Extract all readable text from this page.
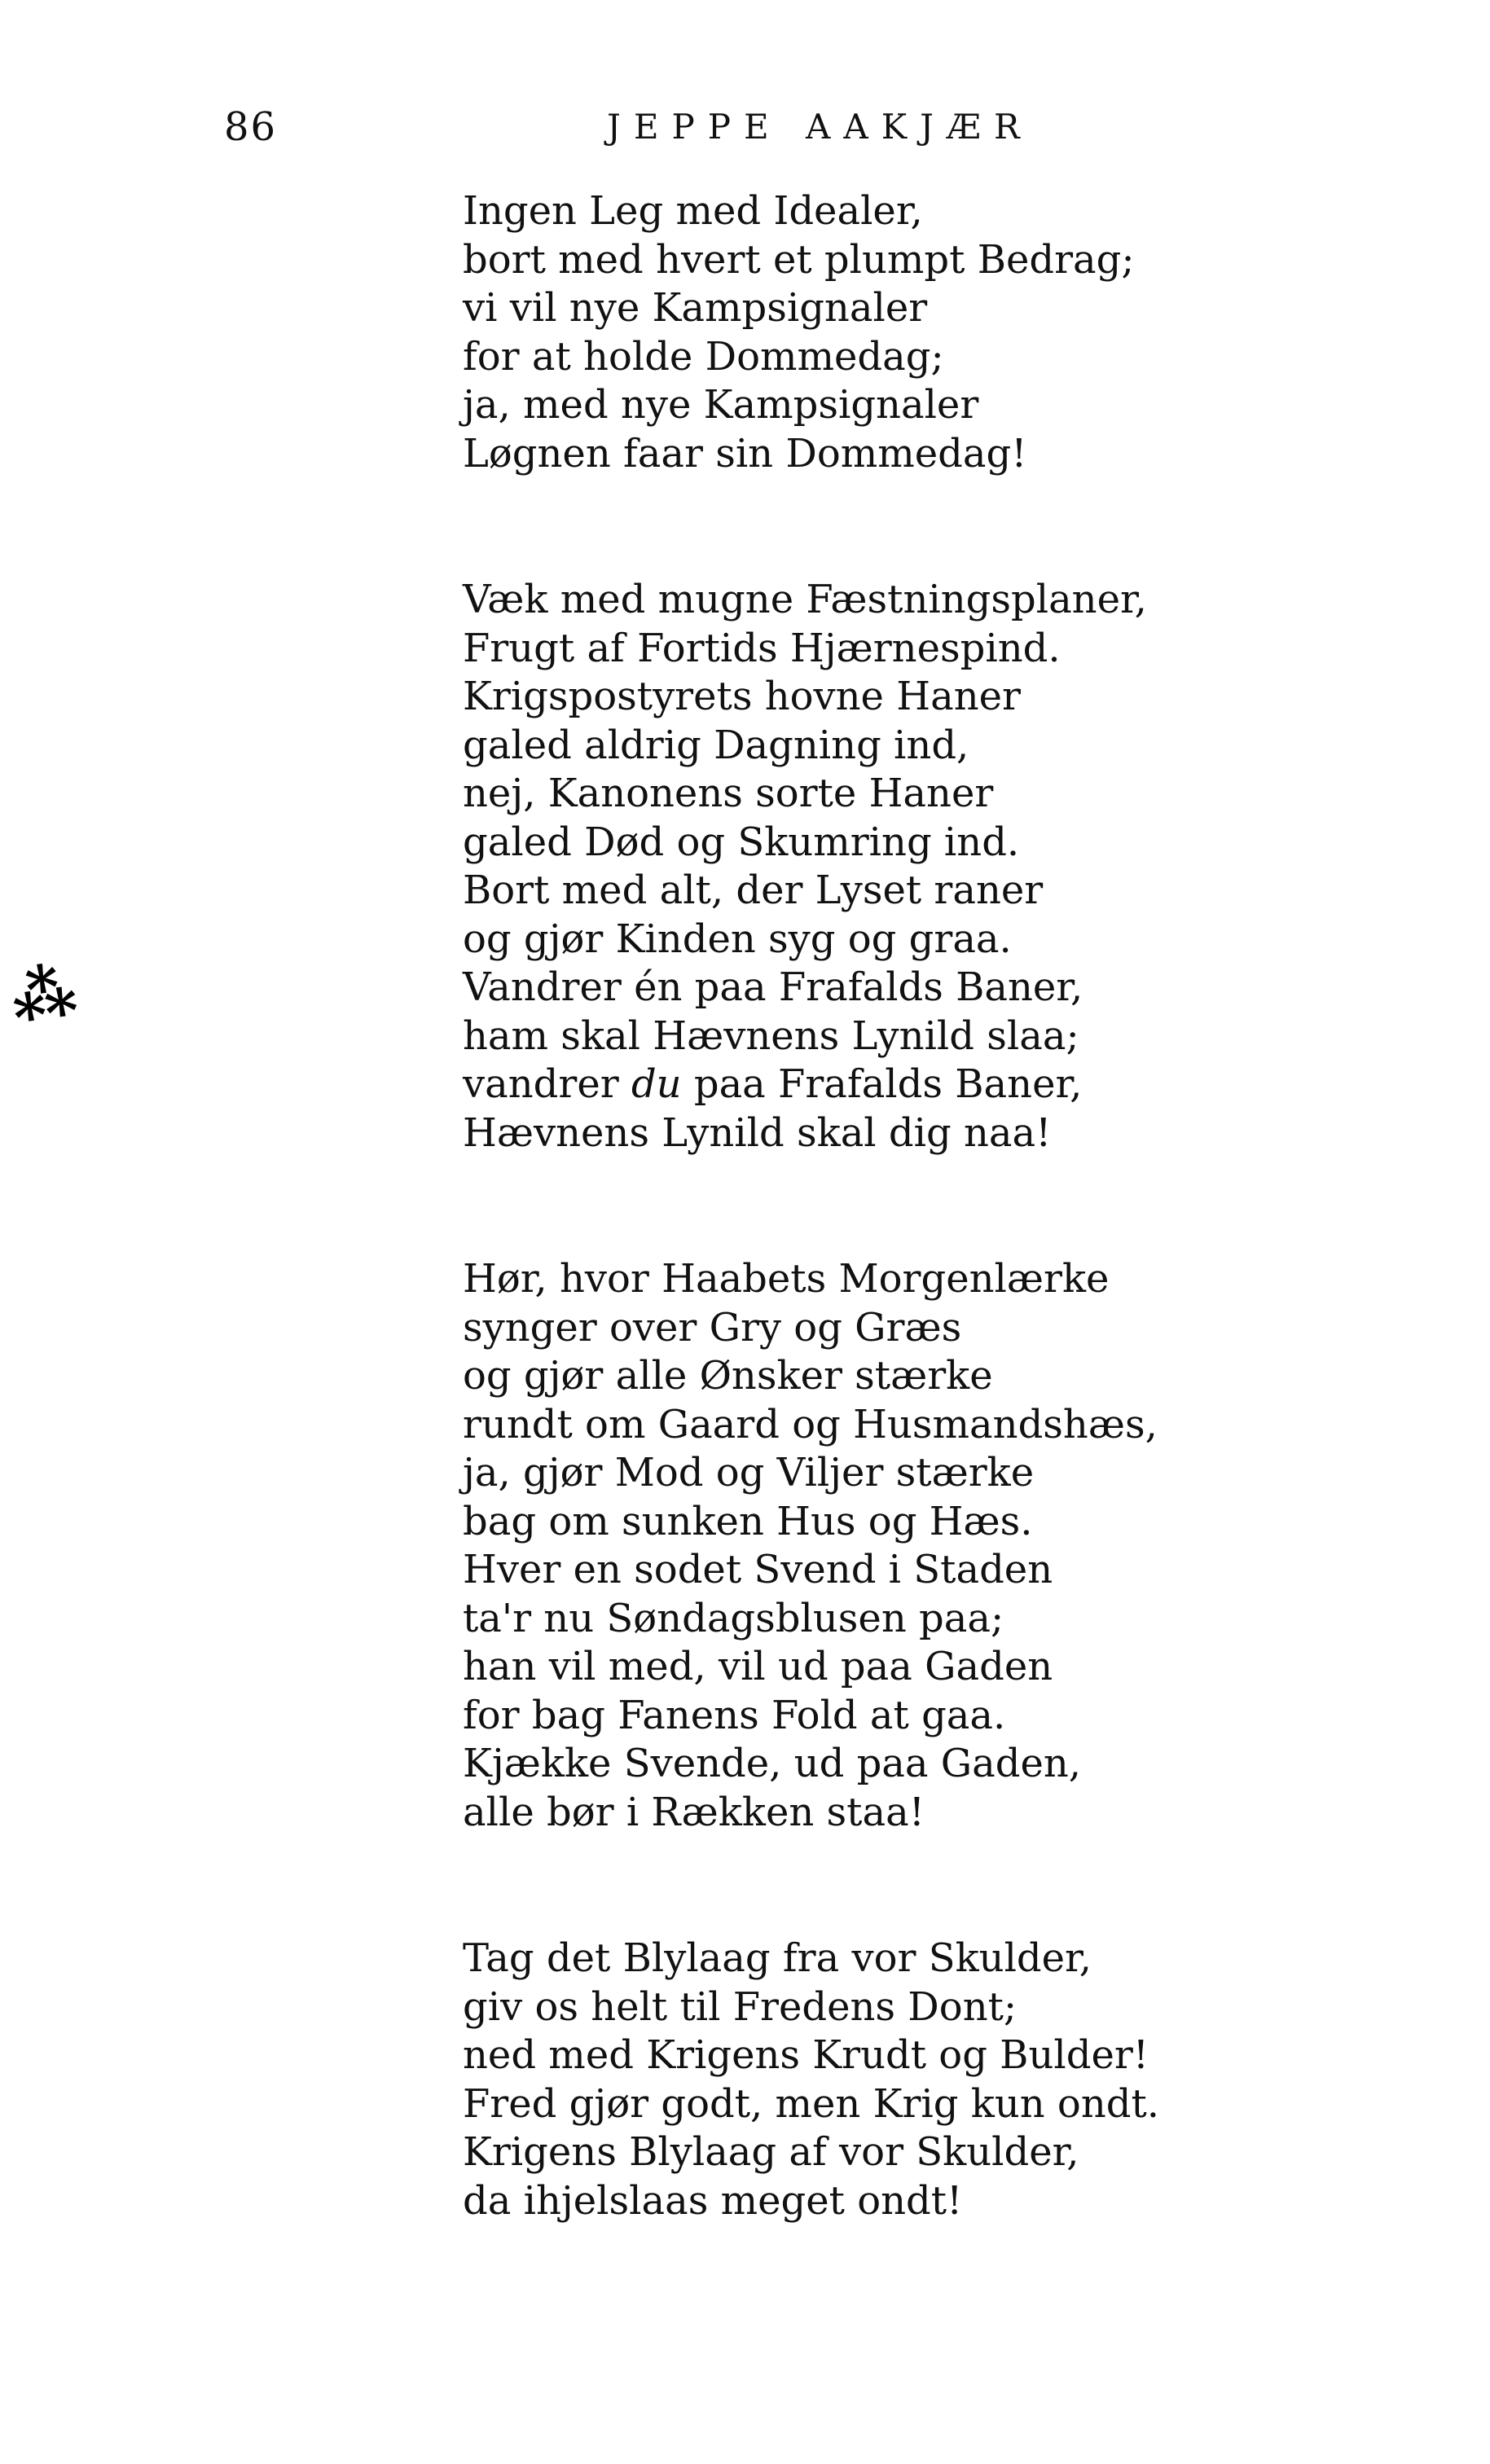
86	JEPPE AAKJÆR
⁂
Ingen Leg med Idealer,
bort med hvert et plumpt Bedrag;
vi vil nye Kampsignaler
for at holde Dommedag;
ja, med nye Kampsignaler
Løgnen faar sin Dommedag!
Væk med mugne Fæstningsplaner,
Frugt af Fortids Hjærnespind.
Krigspostyrets hovne Haner
galed aldrig Dagning ind,
nej, Kanonens sorte Haner
galed Død og Skumring ind.
Bort med alt, der Lyset raner
og gjør Kinden syg og graa.
Vandrer én paa Frafalds Baner,
ham skal Hævnens Lynild slaa;
vandrer du paa Frafalds Baner,
Hævnens Lynild skal dig naa!
Hør, hvor Haabets Morgenlærke
synger over Gry og Græs
og gjør alle Ønsker stærke
rundt om Gaard og Husmandshæs,
ja, gjør Mod og Viljer stærke
bag om sunken Hus og Hæs.
Hver en sodet Svend i Staden
ta'r nu Søndagsblusen paa;
han vil med, vil ud paa Gaden
for bag Fanens Fold at gaa.
Kjække Svende, ud paa Gaden,
alle bør i Rækken staa!
Tag det Blylaag fra vor Skulder,
giv os helt til Fredens Dont;
ned med Krigens Krudt og Bulder!
Fred gjør godt, men Krig kun ondt.
Krigens Blylaag af vor Skulder,
da ihjelslaas meget ondt!
